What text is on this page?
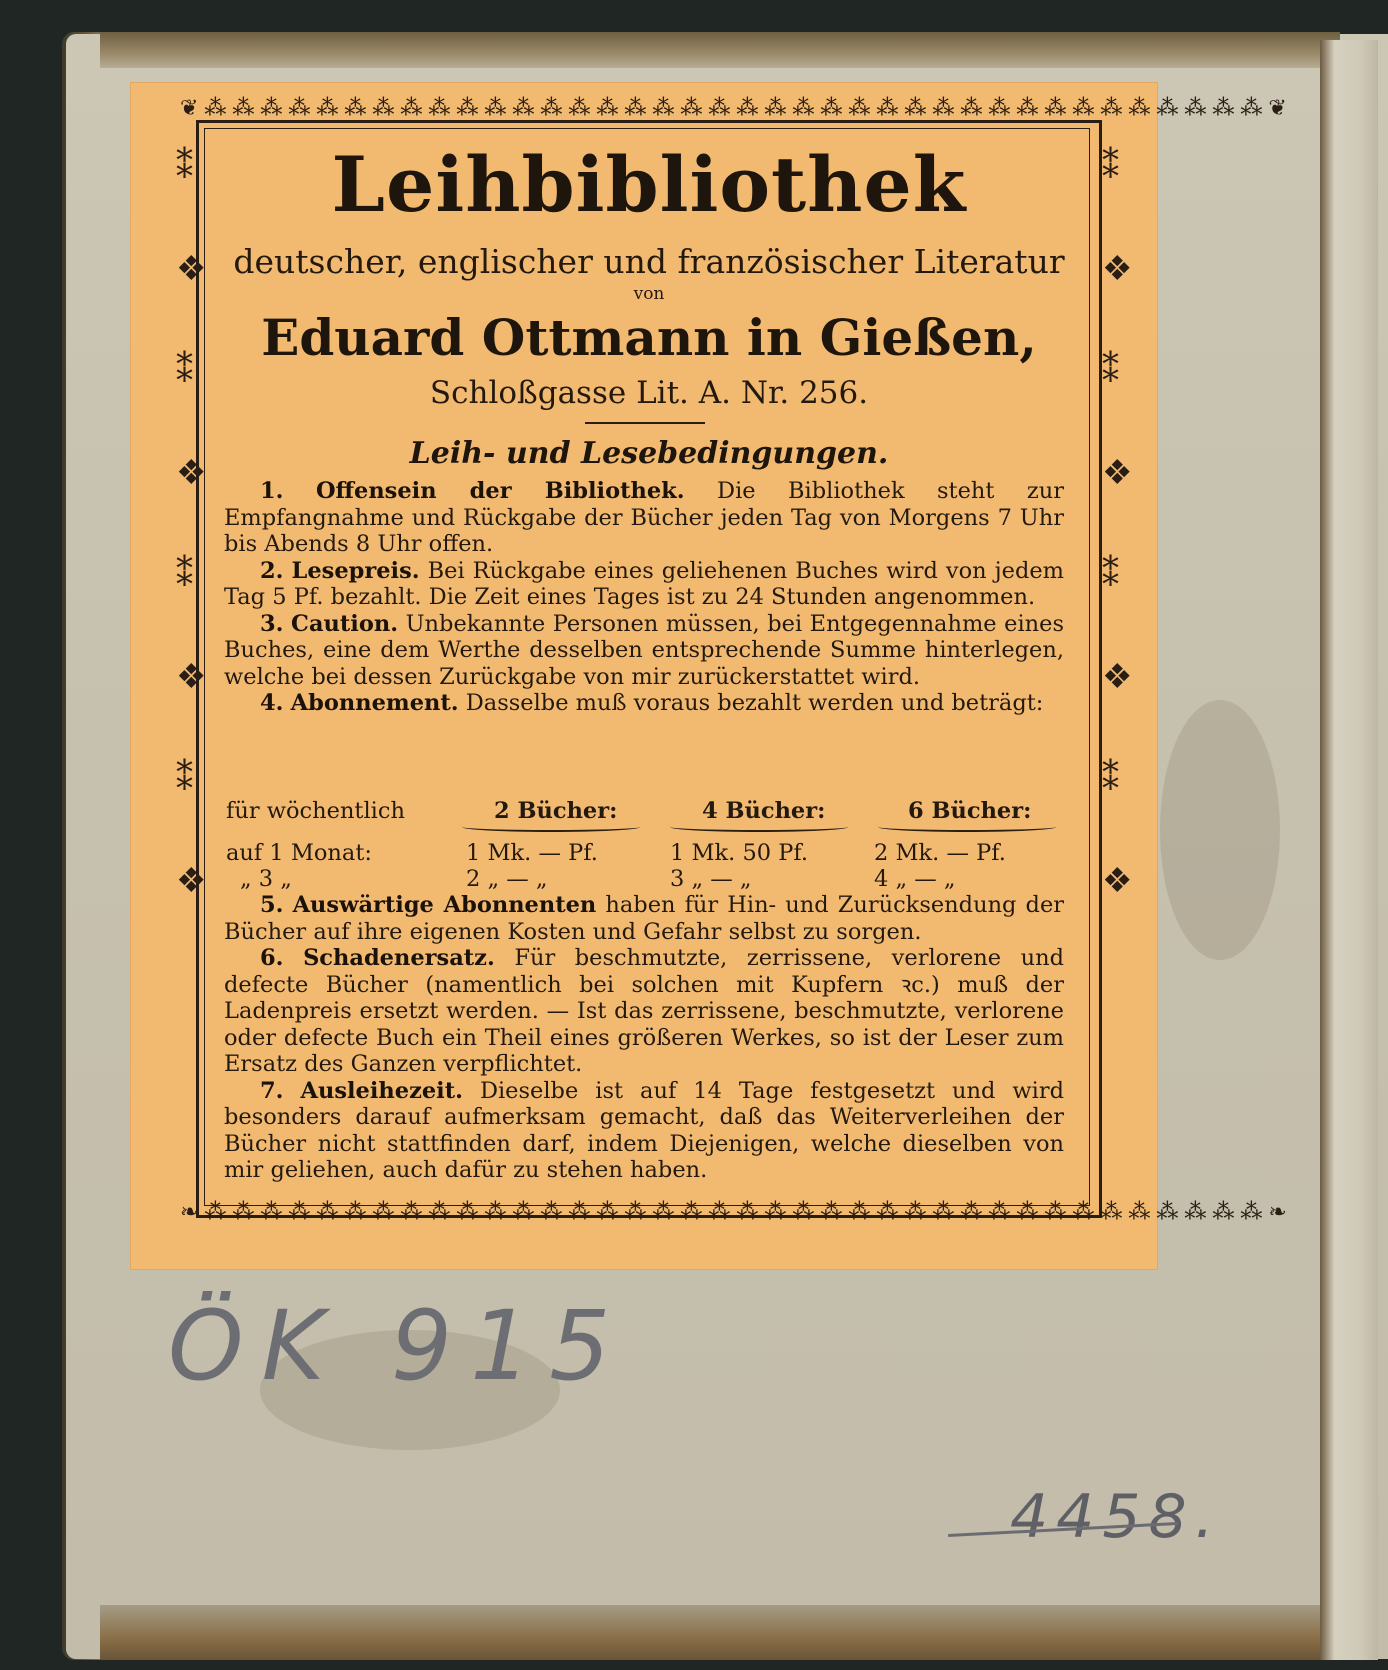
❦⁂⁂⁂⁂⁂⁂⁂⁂⁂⁂⁂⁂⁂⁂⁂⁂⁂⁂⁂⁂⁂⁂⁂⁂⁂⁂⁂⁂⁂⁂⁂⁂⁂⁂⁂⁂⁂⁂❦
❧⁂⁂⁂⁂⁂⁂⁂⁂⁂⁂⁂⁂⁂⁂⁂⁂⁂⁂⁂⁂⁂⁂⁂⁂⁂⁂⁂⁂⁂⁂⁂⁂⁂⁂⁂⁂⁂⁂❧
⁑

❖

⁑

❖

⁑

❖

⁑

❖
⁑

❖

⁑

❖

⁑

❖

⁑

❖
Leihbibliothek
deutscher, englischer und französischer Literatur
von
Eduard Ottmann in Gießen,
Schloßgasse Lit. A. Nr. 256.
Leih- und Lesebedingungen.

1. Offensein der Bibliothek. Die Bibliothek steht zur Empfangnahme und Rückgabe der Bücher jeden Tag von Morgens 7 Uhr bis Abends 8 Uhr offen.

2. Lesepreis. Bei Rückgabe eines geliehenen Buches wird von jedem Tag 5 Pf. bezahlt. Die Zeit eines Tages ist zu 24 Stunden angenommen.

3. Caution. Unbekannte Personen müssen, bei Entgegennahme eines Buches, eine dem Werthe desselben entsprechende Summe hinterlegen, welche bei dessen Zurückgabe von mir zurückerstattet wird.

4. Abonnement. Dasselbe muß voraus bezahlt werden und beträgt:

für wöchentlich	2 Bücher:	4 Bücher:	6 Bücher:
auf 1 Monat:	1 Mk. — Pf.	1 Mk. 50 Pf.	2 Mk. — Pf.
„ 3 „	2 „ — „	3 „ — „	4 „ — „

5. Auswärtige Abonnenten haben für Hin- und Zurücksendung der Bücher auf ihre eigenen Kosten und Gefahr selbst zu sorgen.

6. Schadenersatz. Für beschmutzte, zerrissene, verlorene und defecte Bücher (namentlich bei solchen mit Kupfern ꝛc.) muß der Ladenpreis ersetzt werden. — Ist das zerrissene, beschmutzte, verlorene oder defecte Buch ein Theil eines größeren Werkes, so ist der Leser zum Ersatz des Ganzen verpflichtet.

7. Ausleihezeit. Dieselbe ist auf 14 Tage festgesetzt und wird besonders darauf aufmerksam gemacht, daß das Weiterverleihen der Bücher nicht stattfinden darf, indem Diejenigen, welche dieselben von mir geliehen, auch dafür zu stehen haben.

ÖK 915
4458.
